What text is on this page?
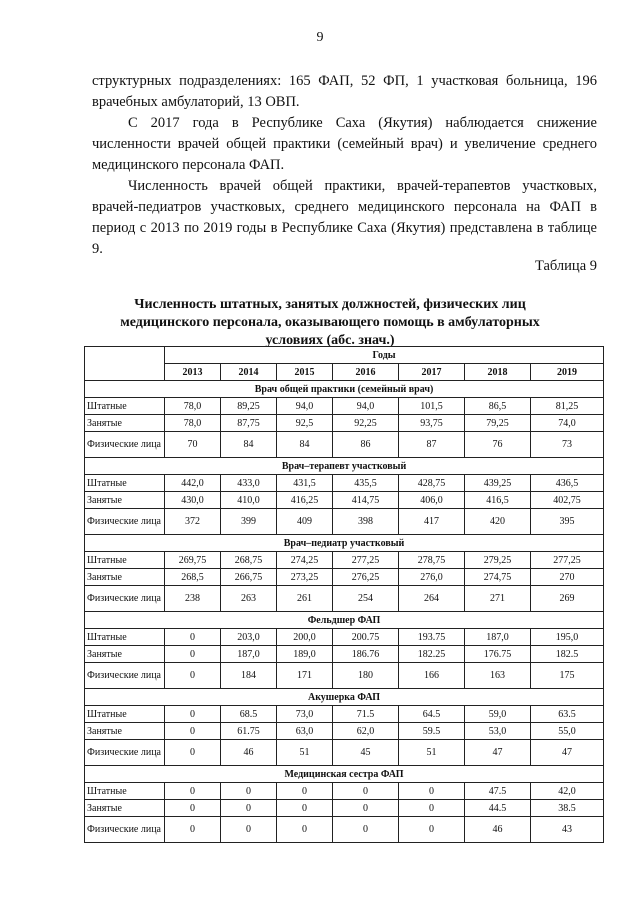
9

структурных подразделениях: 165 ФАП, 52 ФП, 1 участковая больница, 196 врачебных амбулаторий, 13 ОВП.

С 2017 года в Республике Саха (Якутия) наблюдается снижение численности врачей общей практики (семейный врач) и увеличение среднего медицинского персонала ФАП.

Численность врачей общей практики, врачей-терапевтов участковых, врачей-педиатров участковых, среднего медицинского персонала на ФАП в период с 2013 по 2019 годы в Республике Саха (Якутия) представлена в таблице 9.

Таблица 9
Численность штатных, занятых должностей, физических лиц медицинского персонала, оказывающего помощь в амбулаторных условиях (абс. знач.)
	Годы						
	2013	2014	2015	2016	2017	2018	2019
Врач общей практики (семейный врач)							
Штатные	78,0	89,25	94,0	94,0	101,5	86,5	81,25
Занятые	78,0	87,75	92,5	92,25	93,75	79,25	74,0
Физические лица	70	84	84	86	87	76	73
Врач–терапевт участковый							
Штатные	442,0	433,0	431,5	435,5	428,75	439,25	436,5
Занятые	430,0	410,0	416,25	414,75	406,0	416,5	402,75
Физические лица	372	399	409	398	417	420	395
Врач–педиатр участковый							
Штатные	269,75	268,75	274,25	277,25	278,75	279,25	277,25
Занятые	268,5	266,75	273,25	276,25	276,0	274,75	270
Физические лица	238	263	261	254	264	271	269
Фельдшер ФАП							
Штатные	0	203,0	200,0	200.75	193.75	187,0	195,0
Занятые	0	187,0	189,0	186.76	182.25	176.75	182.5
Физические лица	0	184	171	180	166	163	175
Акушерка ФАП							
Штатные	0	68.5	73,0	71.5	64.5	59,0	63.5
Занятые	0	61.75	63,0	62,0	59.5	53,0	55,0
Физические лица	0	46	51	45	51	47	47
Медицинская сестра ФАП							
Штатные	0	0	0	0	0	47.5	42,0
Занятые	0	0	0	0	0	44.5	38.5
Физические лица	0	0	0	0	0	46	43
